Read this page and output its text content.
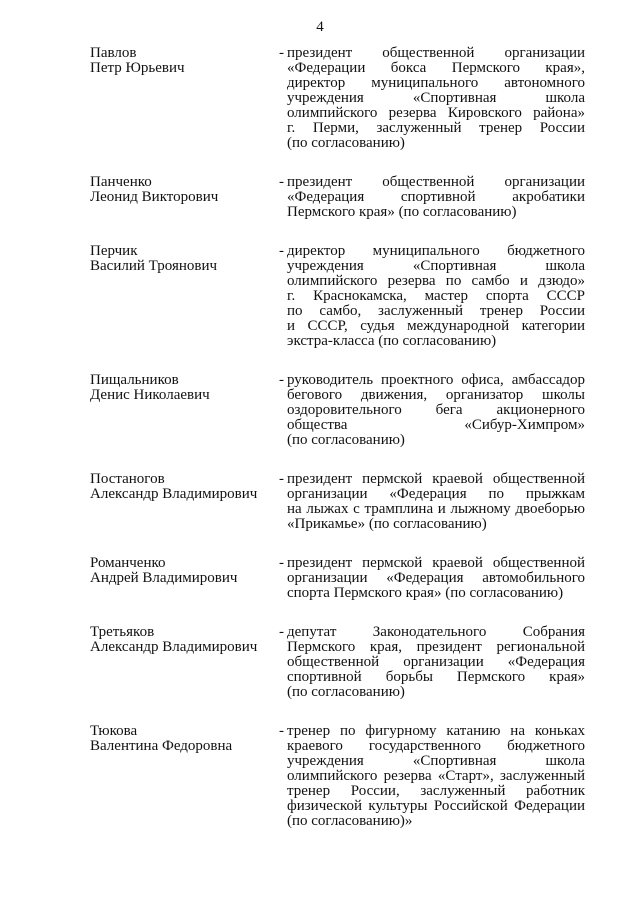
4
Павлов
Петр Юрьевич
- президент общественной организации
«Федерации бокса Пермского края»,
директор муниципального автономного
учреждения «Спортивная школа
олимпийского резерва Кировского района»
г. Перми, заслуженный тренер России
(по согласованию)
Панченко
Леонид Викторович
- президент общественной организации
«Федерация спортивной акробатики
Пермского края» (по согласованию)
Перчик
Василий Троянович
- директор муниципального бюджетного
учреждения «Спортивная школа
олимпийского резерва по самбо и дзюдо»
г. Краснокамска, мастер спорта СССР
по самбо, заслуженный тренер России
и СССР, судья международной категории
экстра-класса (по согласованию)
Пищальников
Денис Николаевич
- руководитель проектного офиса, амбассадор
бегового движения, организатор школы
оздоровительного бега акционерного
общества «Сибур-Химпром»
(по согласованию)
Постаногов
Александр Владимирович
- президент пермской краевой общественной
организации «Федерация по прыжкам
на лыжах с трамплина и лыжному двоеборью
«Прикамье» (по согласованию)
Романченко
Андрей Владимирович
- президент пермской краевой общественной
организации «Федерация автомобильного
спорта Пермского края» (по согласованию)
Третьяков
Александр Владимирович
- депутат Законодательного Собрания
Пермского края, президент региональной
общественной организации «Федерация
спортивной борьбы Пермского края»
(по согласованию)
Тюкова
Валентина Федоровна
- тренер по фигурному катанию на коньках
краевого государственного бюджетного
учреждения «Спортивная школа
олимпийского резерва «Старт», заслуженный
тренер России, заслуженный работник
физической культуры Российской Федерации
(по согласованию)»
